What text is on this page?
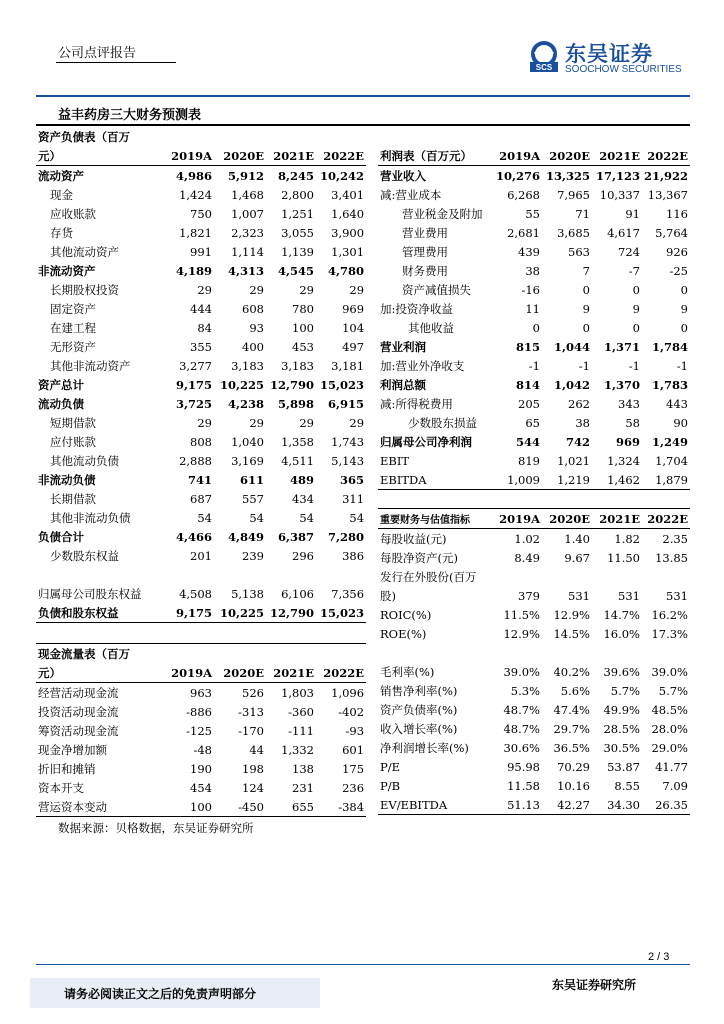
公司点评报告
SCS
东吴证券
SOOCHOW SECURITIES
益丰药房三大财务预测表
资产负债表（百万				
元）	2019A	2020E	2021E	2022E
流动资产	4,986	5,912	8,245	10,242
现金	1,424	1,468	2,800	3,401
应收账款	750	1,007	1,251	1,640
存货	1,821	2,323	3,055	3,900
其他流动资产	991	1,114	1,139	1,301
非流动资产	4,189	4,313	4,545	4,780
长期股权投资	29	29	29	29
固定资产	444	608	780	969
在建工程	84	93	100	104
无形资产	355	400	453	497
其他非流动资产	3,277	3,183	3,183	3,181
资产总计	9,175	10,225	12,790	15,023
流动负债	3,725	4,238	5,898	6,915
短期借款	29	29	29	29
应付账款	808	1,040	1,358	1,743
其他流动负债	2,888	3,169	4,511	5,143
非流动负债	741	611	489	365
长期借款	687	557	434	311
其他非流动负债	54	54	54	54
负债合计	4,466	4,849	6,387	7,280
少数股东权益	201	239	296	386

归属母公司股东权益	4,508	5,138	6,106	7,356
负债和股东权益	9,175	10,225	12,790	15,023
利润表（百万元）	2019A	2020E	2021E	2022E
营业收入	10,276	13,325	17,123	21,922
减:营业成本	6,268	7,965	10,337	13,367
营业税金及附加	55	71	91	116
营业费用	2,681	3,685	4,617	5,764
管理费用	439	563	724	926
财务费用	38	7	-7	-25
资产减值损失	-16	0	0	0
加:投资净收益	11	9	9	9
其他收益	0	0	0	0
营业利润	815	1,044	1,371	1,784
加:营业外净收支	-1	-1	-1	-1
利润总额	814	1,042	1,370	1,783
减:所得税费用	205	262	343	443
少数股东损益	65	38	58	90
归属母公司净利润	544	742	969	1,249
EBIT	819	1,021	1,324	1,704
EBITDA	1,009	1,219	1,462	1,879
重要财务与估值指标	2019A	2020E	2021E	2022E
每股收益(元)	1.02	1.40	1.82	2.35
每股净资产(元)	8.49	9.67	11.50	13.85
发行在外股份(百万				
股)	379	531	531	531
ROIC(%)	11.5%	12.9%	14.7%	16.2%
ROE(%)	12.9%	14.5%	16.0%	17.3%

毛利率(%)	39.0%	40.2%	39.6%	39.0%
销售净利率(%)	5.3%	5.6%	5.7%	5.7%
资产负债率(%)	48.7%	47.4%	49.9%	48.5%
收入增长率(%)	48.7%	29.7%	28.5%	28.0%
净利润增长率(%)	30.6%	36.5%	30.5%	29.0%
P/E	95.98	70.29	53.87	41.77
P/B	11.58	10.16	8.55	7.09
EV/EBITDA	51.13	42.27	34.30	26.35
现金流量表（百万				
元）	2019A	2020E	2021E	2022E
经营活动现金流	963	526	1,803	1,096
投资活动现金流	-886	-313	-360	-402
筹资活动现金流	-125	-170	-111	-93
现金净增加额	-48	44	1,332	601
折旧和摊销	190	198	138	175
资本开支	454	124	231	236
营运资本变动	100	-450	655	-384
数据来源：贝格数据，东吴证券研究所
2 / 3
请务必阅读正文之后的免责声明部分
东吴证券研究所
